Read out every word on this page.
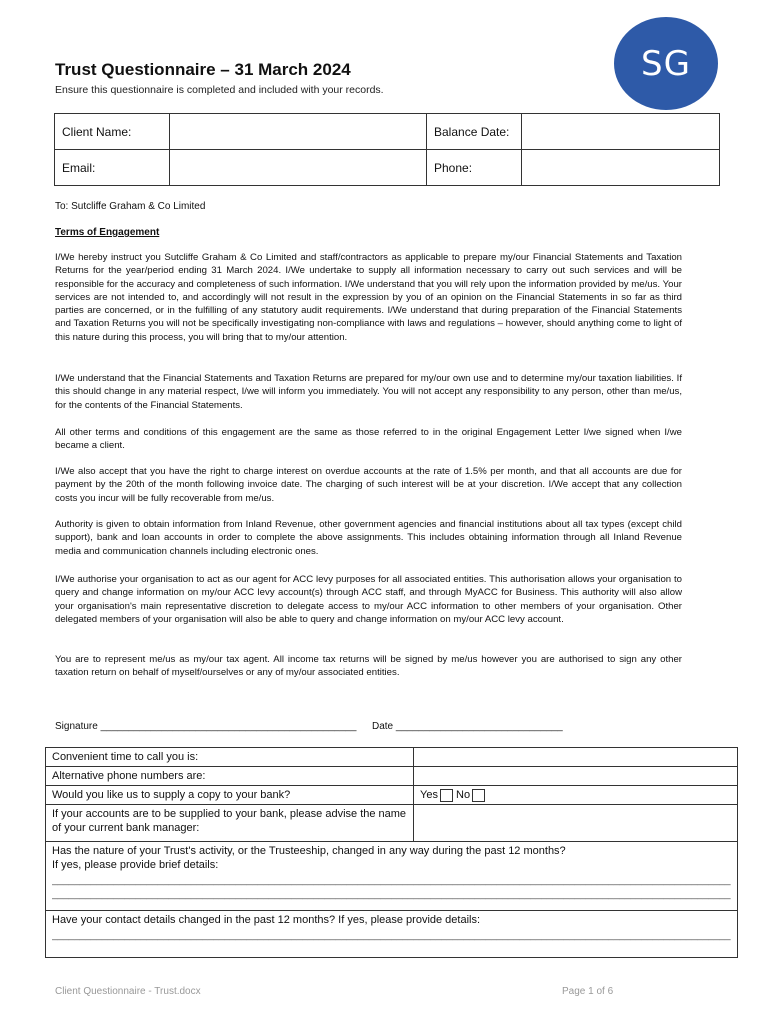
SG
Trust Questionnaire – 31 March 2024
Ensure this questionnaire is completed and included with your records.
Client Name:		Balance Date:	
Email:		Phone:	
To: Sutcliffe Graham & Co Limited
Terms of Engagement
I/We hereby instruct you Sutcliffe Graham & Co Limited and staff/contractors as applicable to prepare my/our Financial Statements and Taxation Returns for the year/period ending 31 March 2024. I/We undertake to supply all information necessary to carry out such services and will be responsible for the accuracy and completeness of such information. I/We understand that you will rely upon the information provided by me/us. Your services are not intended to, and accordingly will not result in the expression by you of an opinion on the Financial Statements in so far as third parties are concerned, or in the fulfilling of any statutory audit requirements. I/We understand that during preparation of the Financial Statements and Taxation Returns you will not be specifically investigating non-compliance with laws and regulations – however, should anything come to light of this nature during this process, you will bring that to my/our attention.
I/We understand that the Financial Statements and Taxation Returns are prepared for my/our own use and to determine my/our taxation liabilities. If this should change in any material respect, I/we will inform you immediately. You will not accept any responsibility to any person, other than me/us, for the contents of the Financial Statements.
All other terms and conditions of this engagement are the same as those referred to in the original Engagement Letter I/we signed when I/we became a client.
I/We also accept that you have the right to charge interest on overdue accounts at the rate of 1.5% per month, and that all accounts are due for payment by the 20th of the month following invoice date. The charging of such interest will be at your discretion. I/We accept that any collection costs you incur will be fully recoverable from me/us.
Authority is given to obtain information from Inland Revenue, other government agencies and financial institutions about all tax types (except child support), bank and loan accounts in order to complete the above assignments. This includes obtaining information through all Inland Revenue media and communication channels including electronic ones.
I/We authorise your organisation to act as our agent for ACC levy purposes for all associated entities. This authorisation allows your organisation to query and change information on my/our ACC levy account(s) through ACC staff, and through MyACC for Business. This authority will also allow your organisation's main representative discretion to delegate access to my/our ACC information to other members of your organisation. Other delegated members of your organisation will also be able to query and change information on my/our ACC levy account.
You are to represent me/us as my/our tax agent. All income tax returns will be signed by me/us however you are authorised to sign any other taxation return on behalf of myself/ourselves or any of my/our associated entities.
Signature ______________________________________________ Date ______________________________
Convenient time to call you is:	
Alternative phone numbers are:	
Would you like us to supply a copy to your bank?	Yes No
If your accounts are to be supplied to your bank, please advise the name of your current bank manager:	

Has the nature of your Trust's activity, or the Trusteeship, changed in any way during the past 12 months?
If yes, please provide brief details:
__________________________________________________________________________________________________________________________
__________________________________________________________________________________________________________________________	

Have your contact details changed in the past 12 months? If yes, please provide details:
__________________________________________________________________________________________________________________________	
Client Questionnaire - Trust.docx	Page 1 of 6
